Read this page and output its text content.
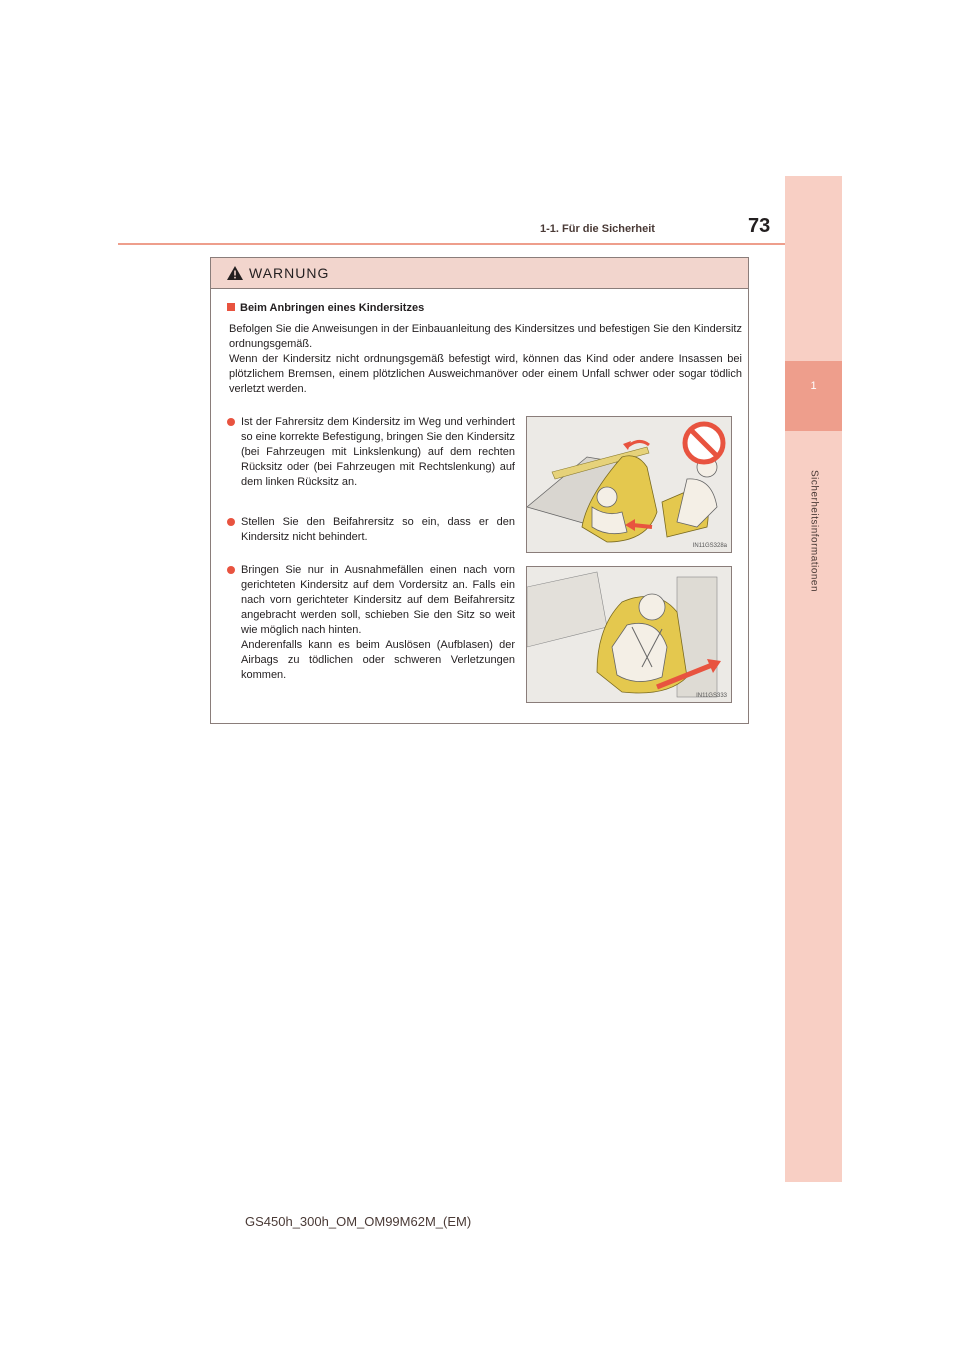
1
Sicherheitsinformationen
1-1. Für die Sicherheit	73
WARNUNG
Beim Anbringen eines Kindersitzes
Befolgen Sie die Anweisungen in der Einbauanleitung des Kindersitzes und befestigen Sie den Kindersitz ordnungsgemäß.
Wenn der Kindersitz nicht ordnungsgemäß befestigt wird, können das Kind oder andere Insassen bei plötzlichem Bremsen, einem plötzlichen Ausweichmanöver oder einem Unfall schwer oder sogar tödlich verletzt werden.
Ist der Fahrersitz dem Kindersitz im Weg und verhindert so eine korrekte Befestigung, bringen Sie den Kindersitz (bei Fahrzeugen mit Linkslenkung) auf dem rechten Rücksitz oder (bei Fahrzeugen mit Rechtslenkung) auf dem linken Rücksitz an.
Stellen Sie den Beifahrersitz so ein, dass er den Kindersitz nicht behindert.
Bringen Sie nur in Ausnahmefällen einen nach vorn gerichteten Kindersitz auf dem Vordersitz an. Falls ein nach vorn gerichteter Kindersitz auf dem Beifahrersitz angebracht werden soll, schieben Sie den Sitz so weit wie möglich nach hinten.
Anderenfalls kann es beim Auslösen (Aufblasen) der Airbags zu tödlichen oder schweren Verletzungen kommen.
IN11GS328a
IN11GS333
GS450h_300h_OM_OM99M62M_(EM)
